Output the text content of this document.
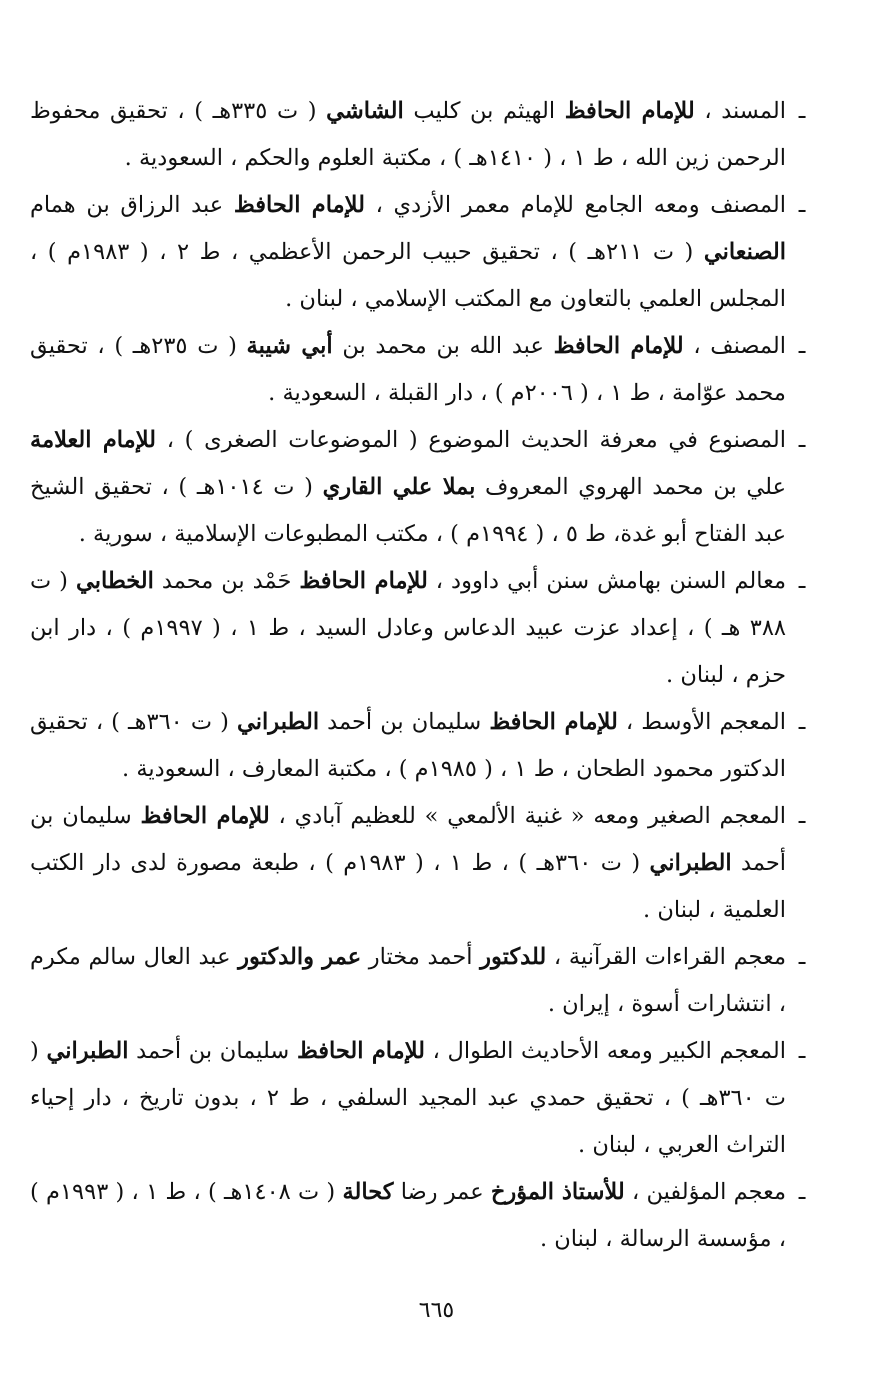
ـ
المسند ، للإمام الحافظ الهيثم بن كليب الشاشي ( ت ٣٣٥هـ ) ، تحقيق محفوظ الرحمن زين الله ، ط ١ ، ( ١٤١٠هـ ) ، مكتبة العلوم والحكم ، السعودية .

ـ
المصنف ومعه الجامع للإمام معمر الأزدي ، للإمام الحافظ عبد الرزاق بن همام الصنعاني ( ت ٢١١هـ ) ، تحقيق حبيب الرحمن الأعظمي ، ط ٢ ، ( ١٩٨٣م ) ، المجلس العلمي بالتعاون مع المكتب الإسلامي ، لبنان .

ـ
المصنف ، للإمام الحافظ عبد الله بن محمد بن أبي شيبة ( ت ٢٣٥هـ ) ، تحقيق محمد عوّامة ، ط ١ ، ( ٢٠٠٦م ) ، دار القبلة ، السعودية .

ـ
المصنوع في معرفة الحديث الموضوع ( الموضوعات الصغرى ) ، للإمام العلامة علي بن محمد الهروي المعروف بملا علي القاري ( ت ١٠١٤هـ ) ، تحقيق الشيخ عبد الفتاح أبو غدة، ط ٥ ، ( ١٩٩٤م ) ، مكتب المطبوعات الإسلامية ، سورية .

ـ
معالم السنن بهامش سنن أبي داوود ، للإمام الحافظ حَمْد بن محمد الخطابي ( ت ٣٨٨ هـ ) ، إعداد عزت عبيد الدعاس وعادل السيد ، ط ١ ، ( ١٩٩٧م ) ، دار ابن حزم ، لبنان .

ـ
المعجم الأوسط ، للإمام الحافظ سليمان بن أحمد الطبراني ( ت ٣٦٠هـ ) ، تحقيق الدكتور محمود الطحان ، ط ١ ، ( ١٩٨٥م ) ، مكتبة المعارف ، السعودية .

ـ
المعجم الصغير ومعه « غنية الألمعي » للعظيم آبادي ، للإمام الحافظ سليمان بن أحمد الطبراني ( ت ٣٦٠هـ ) ، ط ١ ، ( ١٩٨٣م ) ، طبعة مصورة لدى دار الكتب العلمية ، لبنان .

ـ
معجم القراءات القرآنية ، للدكتور أحمد مختار عمر والدكتور عبد العال سالم مكرم ، انتشارات أسوة ، إيران .

ـ
المعجم الكبير ومعه الأحاديث الطوال ، للإمام الحافظ سليمان بن أحمد الطبراني ( ت ٣٦٠هـ ) ، تحقيق حمدي عبد المجيد السلفي ، ط ٢ ، بدون تاريخ ، دار إحياء التراث العربي ، لبنان .

ـ
معجم المؤلفين ، للأستاذ المؤرخ عمر رضا كحالة ( ت ١٤٠٨هـ ) ، ط ١ ، ( ١٩٩٣م ) ، مؤسسة الرسالة ، لبنان .

٦٦٥
